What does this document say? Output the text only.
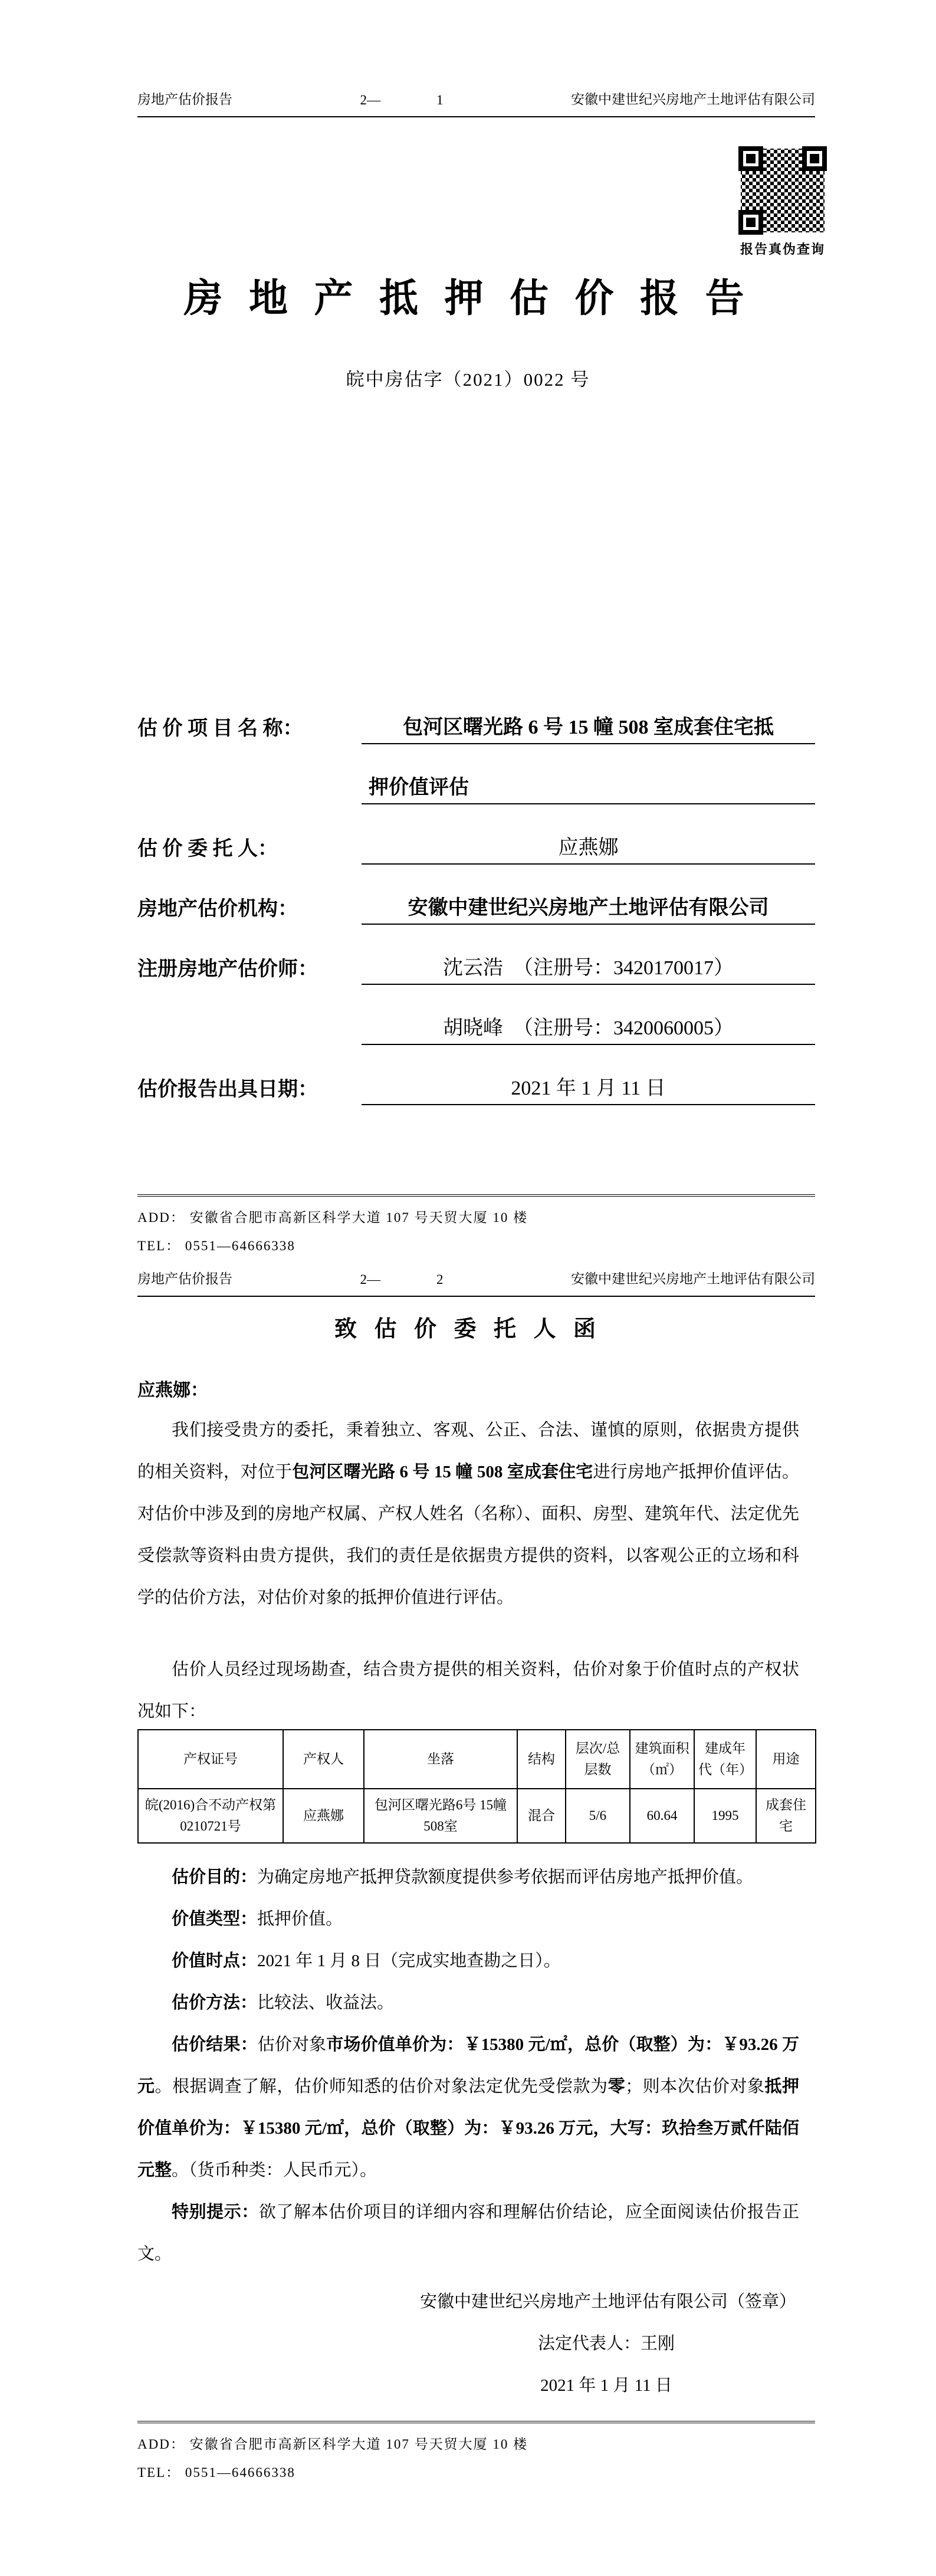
房地产估价报告	2—	1	安徽中建世纪兴房地产土地评估有限公司
报告真伪查询
房 地 产 抵 押 估 价 报 告
皖中房估字（2021）0022 号
估 价 项 目 名 称：	包河区曙光路 6 号 15 幢 508 室成套住宅抵
押价值评估
估 价 委 托 人：	应燕娜
房地产估价机构：	安徽中建世纪兴房地产土地评估有限公司
注册房地产估价师：	沈云浩　（注册号：3420170017）
胡晓峰　（注册号：3420060005）
估价报告出具日期：	2021 年 1 月 11 日
ADD： 安徽省合肥市高新区科学大道 107 号天贸大厦 10 楼
TEL： 0551—64666338
房地产估价报告	2—	2	安徽中建世纪兴房地产土地评估有限公司
致 估 价 委 托 人 函
应燕娜：

我们接受贵方的委托，秉着独立、客观、公正、合法、谨慎的原则，依据贵方提供的相关资料，对位于包河区曙光路 6 号 15 幢 508 室成套住宅进行房地产抵押价值评估。对估价中涉及到的房地产权属、产权人姓名（名称）、面积、房型、建筑年代、法定优先受偿款等资料由贵方提供，我们的责任是依据贵方提供的资料，以客观公正的立场和科学的估价方法，对估价对象的抵押价值进行评估。

估价人员经过现场勘查，结合贵方提供的相关资料，估价对象于价值时点的产权状况如下：

产权证号	产权人	坐落	结构	层次/总层数	建筑面积（㎡）	建成年代（年）	用途
皖(2016)合不动产权第0210721号	应燕娜	包河区曙光路6号 15幢508室	混合	5/6	60.64	1995	成套住宅

估价目的：为确定房地产抵押贷款额度提供参考依据而评估房地产抵押价值。

价值类型：抵押价值。

价值时点：2021 年 1 月 8 日（完成实地查勘之日）。

估价方法：比较法、收益法。

估价结果：估价对象市场价值单价为：￥15380 元/㎡，总价（取整）为：￥93.26 万元。根据调查了解，估价师知悉的估价对象法定优先受偿款为零；则本次估价对象抵押价值单价为：￥15380 元/㎡，总价（取整）为：￥93.26 万元，大写：玖拾叁万贰仟陆佰元整。（货币种类：人民币元）。

特别提示：欲了解本估价项目的详细内容和理解估价结论，应全面阅读估价报告正文。

安徽中建世纪兴房地产土地评估有限公司（签章）
法定代表人：王刚
2021 年 1 月 11 日
ADD： 安徽省合肥市高新区科学大道 107 号天贸大厦 10 楼
TEL： 0551—64666338
